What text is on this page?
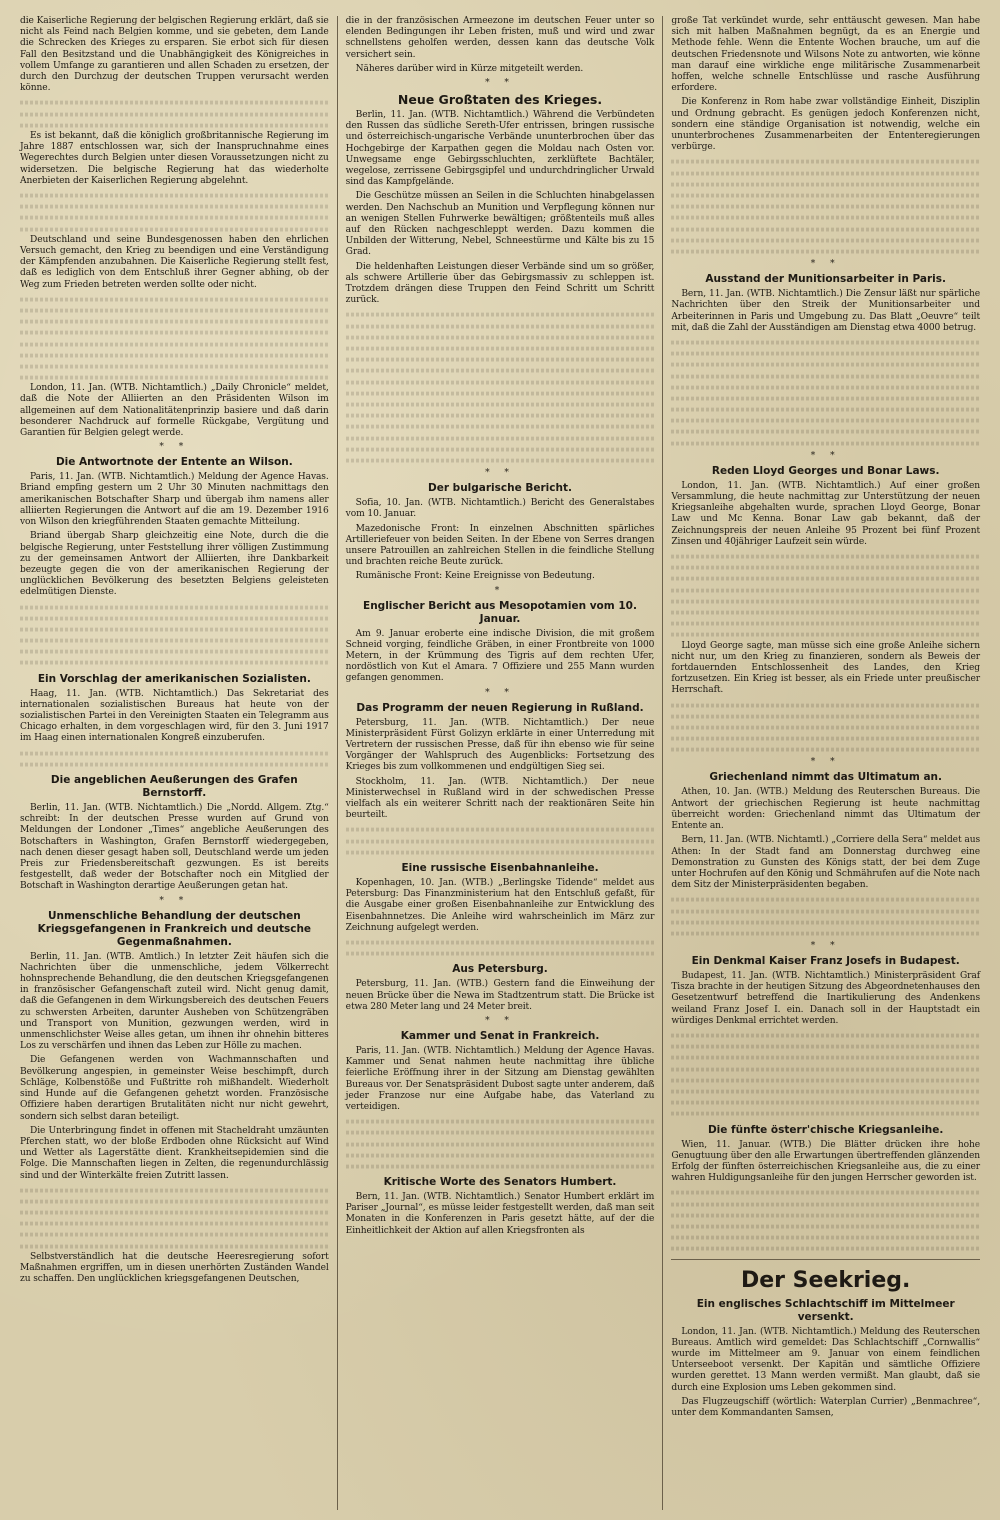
die Kaiserliche Regierung der belgischen Regierung erklärt, daß sie nicht als Feind nach Belgien komme, und sie gebeten, dem Lande die Schrecken des Krieges zu ersparen. Sie erbot sich für diesen Fall den Besitzstand und die Unabhängigkeit des Königreiches in vollem Umfange zu garantieren und allen Schaden zu ersetzen, der durch den Durchzug der deutschen Truppen verursacht werden könne.

Es ist bekannt, daß die königlich großbritannische Regierung im Jahre 1887 entschlossen war, sich der Inanspruchnahme eines Wegerechtes durch Belgien unter diesen Voraussetzungen nicht zu widersetzen. Die belgische Regierung hat das wiederholte Anerbieten der Kaiserlichen Regierung abgelehnt.

Deutschland und seine Bundesgenossen haben den ehrlichen Versuch gemacht, den Krieg zu beendigen und eine Verständigung der Kämpfenden anzubahnen. Die Kaiserliche Regierung stellt fest, daß es lediglich von dem Entschluß ihrer Gegner abhing, ob der Weg zum Frieden betreten werden sollte oder nicht.

London, 11. Jan. (WTB. Nichtamtlich.) „Daily Chronicle“ meldet, daß die Note der Alliierten an den Präsidenten Wilson im allgemeinen auf dem Nationalitätenprinzip basiere und daß darin besonderer Nachdruck auf formelle Rückgabe, Vergütung und Garantien für Belgien gelegt werde.

* *
Die Antwortnote der Entente an Wilson.

Paris, 11. Jan. (WTB. Nichtamtlich.) Meldung der Agence Havas. Briand empfing gestern um 2 Uhr 30 Minuten nachmittags den amerikanischen Botschafter Sharp und übergab ihm namens aller alliierten Regierungen die Antwort auf die am 19. Dezember 1916 von Wilson den kriegführenden Staaten gemachte Mitteilung.

Briand übergab Sharp gleichzeitig eine Note, durch die die belgische Regierung, unter Feststellung ihrer völligen Zustimmung zu der gemeinsamen Antwort der Alliierten, ihre Dankbarkeit bezeugte gegen die von der amerikanischen Regierung der unglücklichen Bevölkerung des besetzten Belgiens geleisteten edelmütigen Dienste.

Ein Vorschlag der amerikanischen Sozialisten.

Haag, 11. Jan. (WTB. Nichtamtlich.) Das Sekretariat des internationalen sozialistischen Bureaus hat heute von der sozialistischen Partei in den Vereinigten Staaten ein Telegramm aus Chicago erhalten, in dem vorgeschlagen wird, für den 3. Juni 1917 im Haag einen internationalen Kongreß einzuberufen.

Die angeblichen Aeußerungen des Grafen Bernstorff.

Berlin, 11. Jan. (WTB. Nichtamtlich.) Die „Nordd. Allgem. Ztg.“ schreibt: In der deutschen Presse wurden auf Grund von Meldungen der Londoner „Times“ angebliche Aeußerungen des Botschafters in Washington, Grafen Bernstorff wiedergegeben, nach denen dieser gesagt haben soll, Deutschland werde um jeden Preis zur Friedensbereitschaft gezwungen. Es ist bereits festgestellt, daß weder der Botschafter noch ein Mitglied der Botschaft in Washington derartige Aeußerungen getan hat.

* *
Unmenschliche Behandlung der deutschen Kriegsgefangenen in Frankreich und deutsche Gegenmaßnahmen.

Berlin, 11. Jan. (WTB. Amtlich.) In letzter Zeit häufen sich die Nachrichten über die unmenschliche, jedem Völkerrecht hohnsprechende Behandlung, die den deutschen Kriegsgefangenen in französischer Gefangenschaft zuteil wird. Nicht genug damit, daß die Gefangenen in dem Wirkungsbereich des deutschen Feuers zu schwersten Arbeiten, darunter Ausheben von Schützengräben und Transport von Munition, gezwungen werden, wird in unmenschlichster Weise alles getan, um ihnen ihr ohnehin bitteres Los zu verschärfen und ihnen das Leben zur Hölle zu machen.

Die Gefangenen werden von Wachmannschaften und Bevölkerung angespien, in gemeinster Weise beschimpft, durch Schläge, Kolbenstöße und Fußtritte roh mißhandelt. Wiederholt sind Hunde auf die Gefangenen gehetzt worden. Französische Offiziere haben derartigen Brutalitäten nicht nur nicht gewehrt, sondern sich selbst daran beteiligt.

Die Unterbringung findet in offenen mit Stacheldraht umzäunten Pferchen statt, wo der bloße Erdboden ohne Rücksicht auf Wind und Wetter als Lagerstätte dient. Krankheitsepidemien sind die Folge. Die Mannschaften liegen in Zelten, die regenundurchlässig sind und der Winterkälte freien Zutritt lassen.

Selbstverständlich hat die deutsche Heeresregierung sofort Maßnahmen ergriffen, um in diesen unerhörten Zuständen Wandel zu schaffen. Den unglücklichen kriegsgefangenen Deutschen,

die in der französischen Armeezone im deutschen Feuer unter so elenden Bedingungen ihr Leben fristen, muß und wird und zwar schnellstens geholfen werden, dessen kann das deutsche Volk versichert sein.

Näheres darüber wird in Kürze mitgeteilt werden.

* *
Neue Großtaten des Krieges.

Berlin, 11. Jan. (WTB. Nichtamtlich.) Während die Verbündeten den Russen das südliche Sereth-Ufer entrissen, bringen russische und österreichisch-ungarische Verbände ununterbrochen über das Hochgebirge der Karpathen gegen die Moldau nach Osten vor. Unwegsame enge Gebirgsschluchten, zerklüftete Bachtäler, wegelose, zerrissene Gebirgsgipfel und undurchdringlicher Urwald sind das Kampfgelände.

Die Geschütze müssen an Seilen in die Schluchten hinabgelassen werden. Den Nachschub an Munition und Verpflegung können nur an wenigen Stellen Fuhrwerke bewältigen; größtenteils muß alles auf den Rücken nachgeschleppt werden. Dazu kommen die Unbilden der Witterung, Nebel, Schneestürme und Kälte bis zu 15 Grad.

Die heldenhaften Leistungen dieser Verbände sind um so größer, als schwere Artillerie über das Gebirgsmassiv zu schleppen ist. Trotzdem drängen diese Truppen den Feind Schritt um Schritt zurück.

* *
Der bulgarische Bericht.

Sofia, 10. Jan. (WTB. Nichtamtlich.) Bericht des Generalstabes vom 10. Januar.

Mazedonische Front: In einzelnen Abschnitten spärliches Artilleriefeuer von beiden Seiten. In der Ebene von Serres drangen unsere Patrouillen an zahlreichen Stellen in die feindliche Stellung und brachten reiche Beute zurück.

Rumänische Front: Keine Ereignisse von Bedeutung.

*
Englischer Bericht aus Mesopotamien vom 10. Januar.

Am 9. Januar eroberte eine indische Division, die mit großem Schneid vorging, feindliche Gräben, in einer Frontbreite von 1000 Metern, in der Krümmung des Tigris auf dem rechten Ufer, nordöstlich von Kut el Amara. 7 Offiziere und 255 Mann wurden gefangen genommen.

* *
Das Programm der neuen Regierung in Rußland.

Petersburg, 11. Jan. (WTB. Nichtamtlich.) Der neue Ministerpräsident Fürst Golizyn erklärte in einer Unterredung mit Vertretern der russischen Presse, daß für ihn ebenso wie für seine Vorgänger der Wahlspruch des Augenblicks: Fortsetzung des Krieges bis zum vollkommenen und endgültigen Sieg sei.

Stockholm, 11. Jan. (WTB. Nichtamtlich.) Der neue Ministerwechsel in Rußland wird in der schwedischen Presse vielfach als ein weiterer Schritt nach der reaktionären Seite hin beurteilt.

Eine russische Eisenbahnanleihe.

Kopenhagen, 10. Jan. (WTB.) „Berlingske Tidende“ meldet aus Petersburg: Das Finanzministerium hat den Entschluß gefaßt, für die Ausgabe einer großen Eisenbahnanleihe zur Entwicklung des Eisenbahnnetzes. Die Anleihe wird wahrscheinlich im März zur Zeichnung aufgelegt werden.

Aus Petersburg.

Petersburg, 11. Jan. (WTB.) Gestern fand die Einweihung der neuen Brücke über die Newa im Stadtzentrum statt. Die Brücke ist etwa 280 Meter lang und 24 Meter breit.

* *
Kammer und Senat in Frankreich.

Paris, 11. Jan. (WTB. Nichtamtlich.) Meldung der Agence Havas. Kammer und Senat nahmen heute nachmittag ihre übliche feierliche Eröffnung ihrer in der Sitzung am Dienstag gewählten Bureaus vor. Der Senatspräsident Dubost sagte unter anderem, daß jeder Franzose nur eine Aufgabe habe, das Vaterland zu verteidigen.

Kritische Worte des Senators Humbert.

Bern, 11. Jan. (WTB. Nichtamtlich.) Senator Humbert erklärt im Pariser „Journal“, es müsse leider festgestellt werden, daß man seit Monaten in die Konferenzen in Paris gesetzt hätte, auf der die Einheitlichkeit der Aktion auf allen Kriegsfronten als

große Tat verkündet wurde, sehr enttäuscht gewesen. Man habe sich mit halben Maßnahmen begnügt, da es an Energie und Methode fehle. Wenn die Entente Wochen brauche, um auf die deutschen Friedensnote und Wilsons Note zu antworten, wie könne man darauf eine wirkliche enge militärische Zusammenarbeit hoffen, welche schnelle Entschlüsse und rasche Ausführung erfordere.

Die Konferenz in Rom habe zwar vollständige Einheit, Disziplin und Ordnung gebracht. Es genügen jedoch Konferenzen nicht, sondern eine ständige Organisation ist notwendig, welche ein ununterbrochenes Zusammenarbeiten der Ententeregierungen verbürge.

* *
Ausstand der Munitionsarbeiter in Paris.

Bern, 11. Jan. (WTB. Nichtamtlich.) Die Zensur läßt nur spärliche Nachrichten über den Streik der Munitionsarbeiter und Arbeiterinnen in Paris und Umgebung zu. Das Blatt „Oeuvre“ teilt mit, daß die Zahl der Ausständigen am Dienstag etwa 4000 betrug.

* *
Reden Lloyd Georges und Bonar Laws.

London, 11. Jan. (WTB. Nichtamtlich.) Auf einer großen Versammlung, die heute nachmittag zur Unterstützung der neuen Kriegsanleihe abgehalten wurde, sprachen Lloyd George, Bonar Law und Mc Kenna. Bonar Law gab bekannt, daß der Zeichnungspreis der neuen Anleihe 95 Prozent bei fünf Prozent Zinsen und 40jähriger Laufzeit sein würde.

Lloyd George sagte, man müsse sich eine große Anleihe sichern nicht nur, um den Krieg zu finanzieren, sondern als Beweis der fortdauernden Entschlossenheit des Landes, den Krieg fortzusetzen. Ein Krieg ist besser, als ein Friede unter preußischer Herrschaft.

* *
Griechenland nimmt das Ultimatum an.

Athen, 10. Jan. (WTB.) Meldung des Reuterschen Bureaus. Die Antwort der griechischen Regierung ist heute nachmittag überreicht worden: Griechenland nimmt das Ultimatum der Entente an.

Bern, 11. Jan. (WTB. Nichtamtl.) „Corriere della Sera“ meldet aus Athen: In der Stadt fand am Donnerstag durchweg eine Demonstration zu Gunsten des Königs statt, der bei dem Zuge unter Hochrufen auf den König und Schmährufen auf die Note nach dem Sitz der Ministerpräsidenten begaben.

* *
Ein Denkmal Kaiser Franz Josefs in Budapest.

Budapest, 11. Jan. (WTB. Nichtamtlich.) Ministerpräsident Graf Tisza brachte in der heutigen Sitzung des Abgeordnetenhauses den Gesetzentwurf betreffend die Inartikulierung des Andenkens weiland Franz Josef I. ein. Danach soll in der Hauptstadt ein würdiges Denkmal errichtet werden.

Die fünfte österr'chische Kriegsanleihe.

Wien, 11. Januar. (WTB.) Die Blätter drücken ihre hohe Genugtuung über den alle Erwartungen übertreffenden glänzenden Erfolg der fünften österreichischen Kriegsanleihe aus, die zu einer wahren Huldigungsanleihe für den jungen Herrscher geworden ist.

Der Seekrieg.
Ein englisches Schlachtschiff im Mittelmeer versenkt.

London, 11. Jan. (WTB. Nichtamtlich.) Meldung des Reuterschen Bureaus. Amtlich wird gemeldet: Das Schlachtschiff „Cornwallis“ wurde im Mittelmeer am 9. Januar von einem feindlichen Unterseeboot versenkt. Der Kapitän und sämtliche Offiziere wurden gerettet. 13 Mann werden vermißt. Man glaubt, daß sie durch eine Explosion ums Leben gekommen sind.

Das Flugzeugschiff (wörtlich: Waterplan Currier) „Benmachree“, unter dem Kommandanten Samsen,
